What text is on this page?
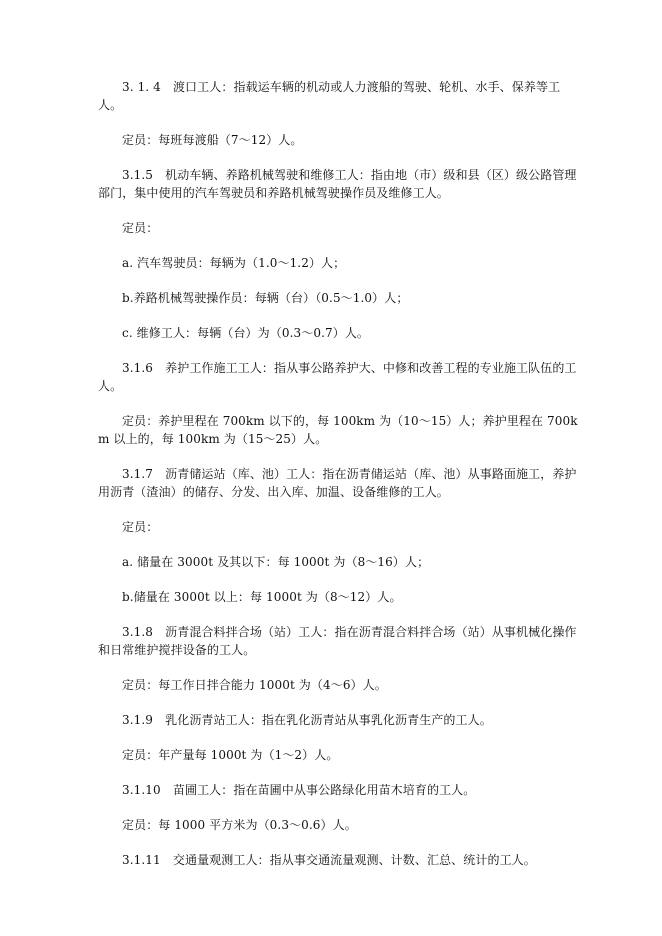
3. 1. 4　渡口工人：指载运车辆的机动或人力渡船的驾驶、轮机、水手、保养等工人。

定员：每班每渡船（7～12）人。

3.1.5　机动车辆、养路机械驾驶和维修工人：指由地（市）级和县（区）级公路管理部门，集中使用的汽车驾驶员和养路机械驾驶操作员及维修工人。

定员：

a. 汽车驾驶员：每辆为（1.0～1.2）人；

b.养路机械驾驶操作员：每辆（台）（0.5～1.0）人；

c. 维修工人：每辆（台）为（0.3～0.7）人。

3.1.6　养护工作施工工人：指从事公路养护大、中修和改善工程的专业施工队伍的工人。

定员：养护里程在 700km 以下的，每 100km 为（10～15）人；养护里程在 700km 以上的，每 100km 为（15～25）人。

3.1.7　沥青储运站（库、池）工人：指在沥青储运站（库、池）从事路面施工，养护用沥青（渣油）的储存、分发、出入库、加温、设备维修的工人。

定员：

a. 储量在 3000t 及其以下：每 1000t 为（8～16）人；

b.储量在 3000t 以上：每 1000t 为（8～12）人。

3.1.8　沥青混合料拌合场（站）工人：指在沥青混合料拌合场（站）从事机械化操作和日常维护搅拌设备的工人。

定员：每工作日拌合能力 1000t 为（4～6）人。

3.1.9　乳化沥青站工人：指在乳化沥青站从事乳化沥青生产的工人。

定员：年产量每 1000t 为（1～2）人。

3.1.10　苗圃工人：指在苗圃中从事公路绿化用苗木培育的工人。

定员：每 1000 平方米为（0.3～0.6）人。

3.1.11　交通量观测工人：指从事交通流量观测、计数、汇总、统计的工人。
